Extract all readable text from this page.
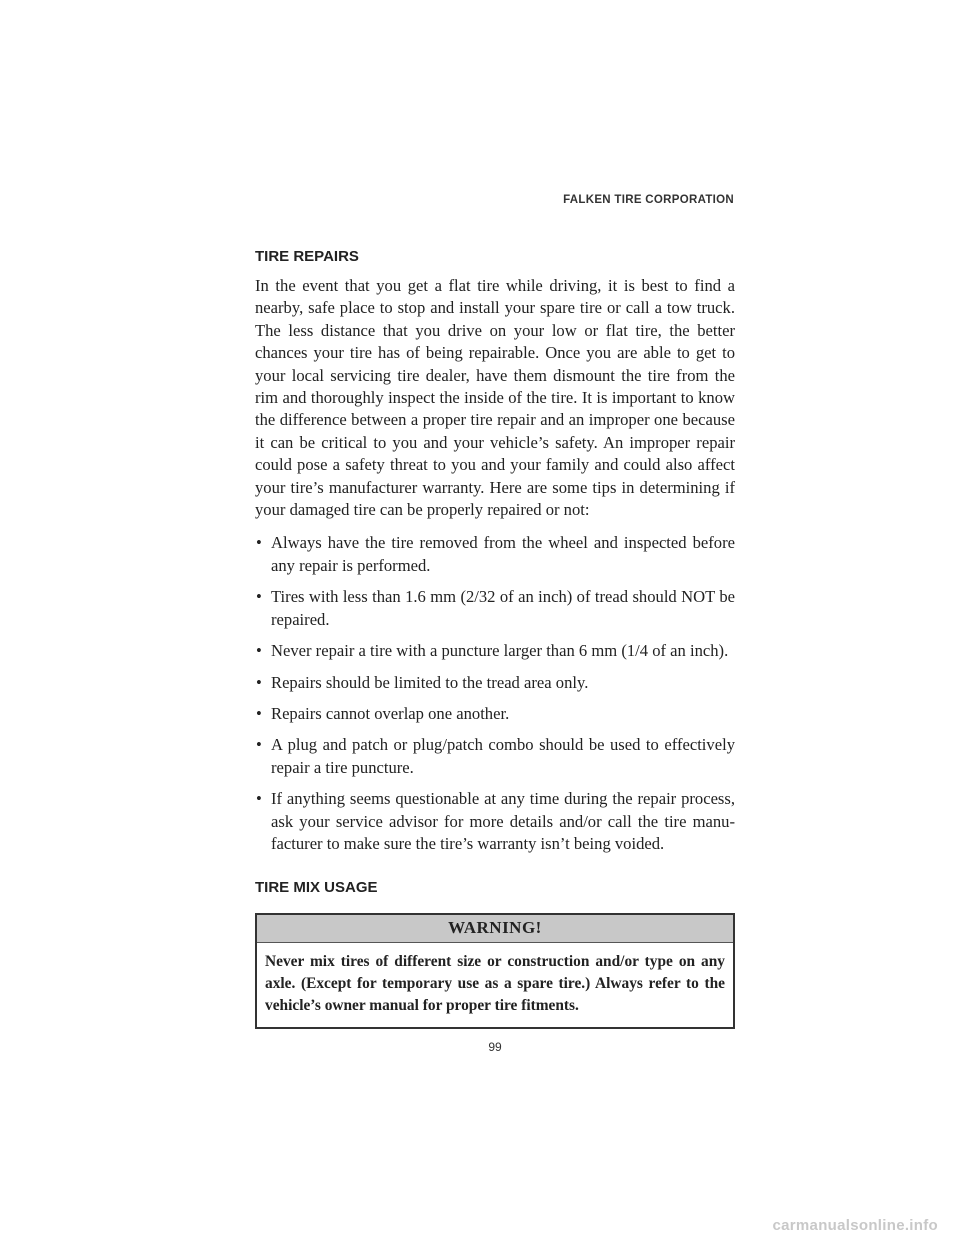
FALKEN TIRE CORPORATION
TIRE REPAIRS

In the event that you get a flat tire while driving, it is best to find a nearby, safe place to stop and install your spare tire or call a tow truck. The less distance that you drive on your low or flat tire, the better chances your tire has of being repairable. Once you are able to get to your local servicing tire dealer, have them dismount the tire from the rim and thoroughly inspect the inside of the tire. It is important to know the difference between a proper tire repair and an improper one because it can be critical to you and your vehicle’s safety. An improper repair could pose a safety threat to you and your family and could also affect your tire’s manufacturer warranty. Here are some tips in determining if your damaged tire can be properly repaired or not:

• Always have the tire removed from the wheel and inspected before any repair is performed.
• Tires with less than 1.6 mm (2/32 of an inch) of tread should NOT be repaired.
• Never repair a tire with a puncture larger than 6 mm (1/4 of an inch).
• Repairs should be limited to the tread area only.
• Repairs cannot overlap one another.
• A plug and patch or plug/patch combo should be used to effectively repair a tire puncture.
• If anything seems questionable at any time during the repair process, ask your service advisor for more details and/or call the tire manufacturer to make sure the tire’s warranty isn’t being voided.
TIRE MIX USAGE
WARNING!

Never mix tires of different size or construction and/or type on any axle. (Except for temporary use as a spare tire.) Always refer to the vehicle’s owner manual for proper tire fitments.

99
carmanualsonline.info
